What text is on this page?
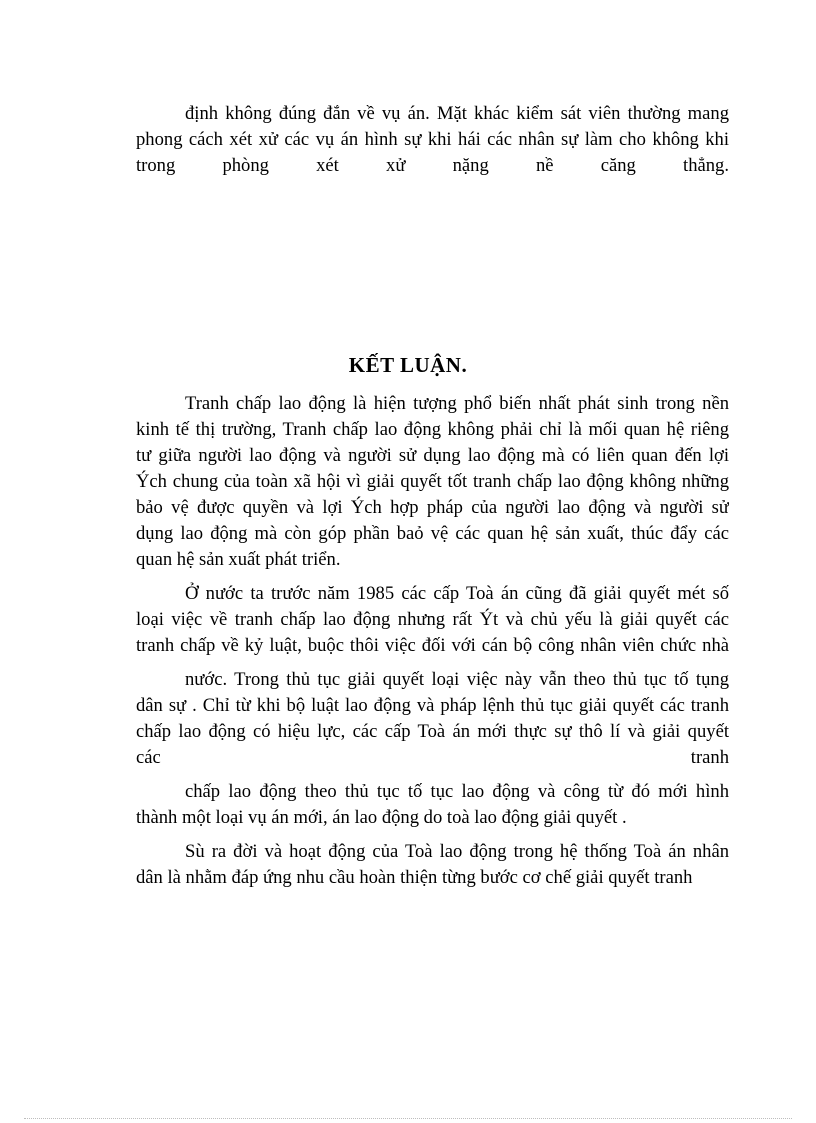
định không đúng đắn về vụ án. Mặt khác kiểm sát viên thường mang
phong cách xét xử các vụ án hình sự khi hái các nhân sự làm cho không khi
trong phòng xét xử nặng nề căng thẳng.
KẾT LUẬN.
Tranh chấp lao động là hiện tượng phổ biến nhất phát sinh trong nền
kinh tế thị trường, Tranh chấp lao động không phải chỉ là mối quan hệ riêng
tư giữa người lao động và người sử dụng lao động mà có liên quan đến lợi
Ých chung của toàn xã hội vì giải quyết tốt tranh chấp lao động không những
bảo vệ được quyền và lợi Ých hợp pháp của người lao động và người sử
dụng lao động mà còn góp phần baỏ vệ các quan hệ sản xuất, thúc đẩy các
quan hệ sản xuất phát triển.
Ở nước ta trước năm 1985 các cấp Toà án cũng đã giải quyết mét số
loại việc về tranh chấp lao động nhưng rất Ýt và chủ yếu là giải quyết các
tranh chấp về kỷ luật, buộc thôi việc đối với cán bộ công nhân viên chức nhà
nước. Trong thủ tục giải quyết loại việc này vẫn theo thủ tục tố tụng
dân sự . Chỉ từ khi bộ luật lao động và pháp lệnh thủ tục giải quyết các tranh
chấp lao động có hiệu lực, các cấp Toà án mới thực sự thô lí và giải quyết
các tranh
chấp lao động theo thủ tục tố tục lao động và công từ đó mới hình
thành một loại vụ án mới, án lao động do toà lao động giải quyết .
Sù ra đời và hoạt động của Toà lao động trong hệ thống Toà án nhân
dân là nhằm đáp ứng nhu cầu hoàn thiện từng bước cơ chế giải quyết tranh
